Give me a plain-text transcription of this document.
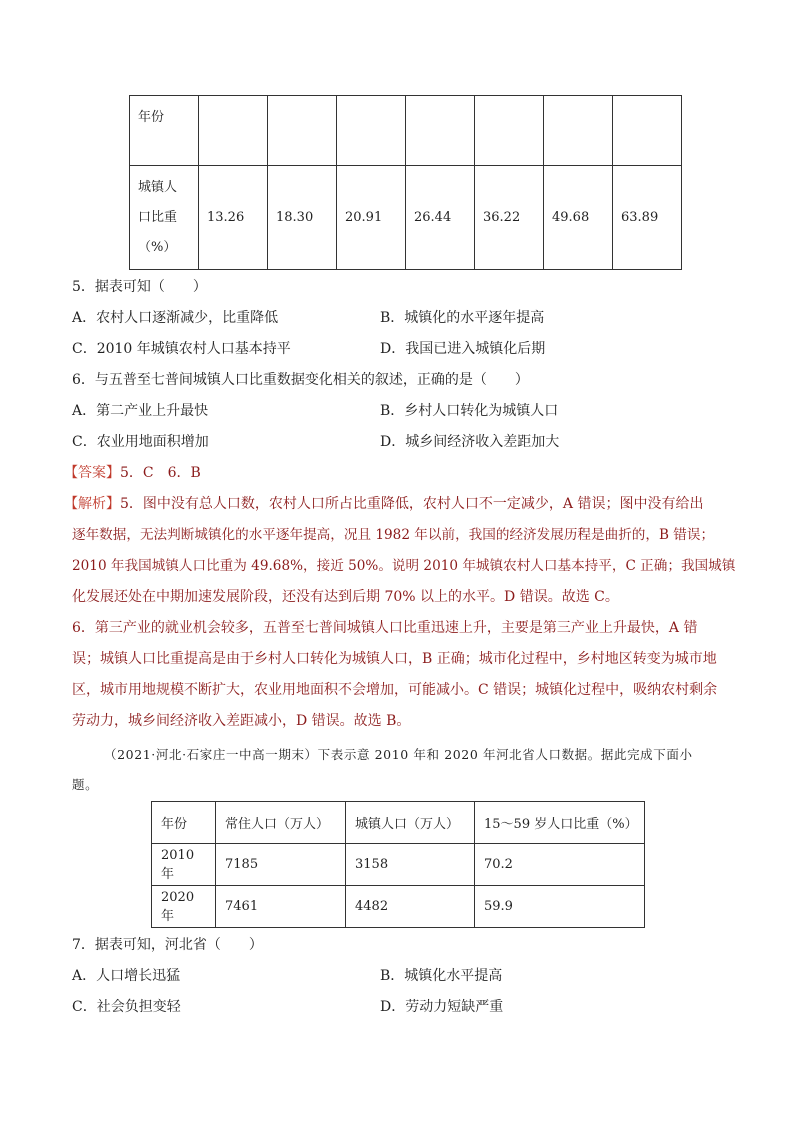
年份							

城镇人
口比重
（%）	13.26	18.30	20.91	26.44	36.22	49.68	63.89
5．据表可知（　　）
A．农村人口逐渐减少，比重降低	B．城镇化的水平逐年提高
C．2010 年城镇农村人口基本持平	D．我国已进入城镇化后期
6．与五普至七普间城镇人口比重数据变化相关的叙述，正确的是（　　）
A．第二产业上升最快	B．乡村人口转化为城镇人口
C．农业用地面积增加	D．城乡间经济收入差距加大
【答案】5．C　6．B
【解析】5．图中没有总人口数，农村人口所占比重降低，农村人口不一定减少，A 错误；图中没有给出
逐年数据，无法判断城镇化的水平逐年提高，况且 1982 年以前，我国的经济发展历程是曲折的，B 错误；
2010 年我国城镇人口比重为 49.68%，接近 50%。说明 2010 年城镇农村人口基本持平，C 正确；我国城镇
化发展还处在中期加速发展阶段，还没有达到后期 70% 以上的水平。D 错误。故选 C。
6．第三产业的就业机会较多，五普至七普间城镇人口比重迅速上升，主要是第三产业上升最快，A 错
误；城镇人口比重提高是由于乡村人口转化为城镇人口，B 正确；城市化过程中，乡村地区转变为城市地
区，城市用地规模不断扩大，农业用地面积不会增加，可能减小。C 错误；城镇化过程中，吸纳农村剩余
劳动力，城乡间经济收入差距减小，D 错误。故选 B。
（2021·河北·石家庄一中高一期末）下表示意 2010 年和 2020 年河北省人口数据。据此完成下面小
题。
年份	常住人口（万人）	城镇人口（万人）	15～59 岁人口比重（%）
2010 年	7185	3158	70.2
2020 年	7461	4482	59.9
7．据表可知，河北省（　　）
A．人口增长迅猛	B．城镇化水平提高
C．社会负担变轻	D．劳动力短缺严重
